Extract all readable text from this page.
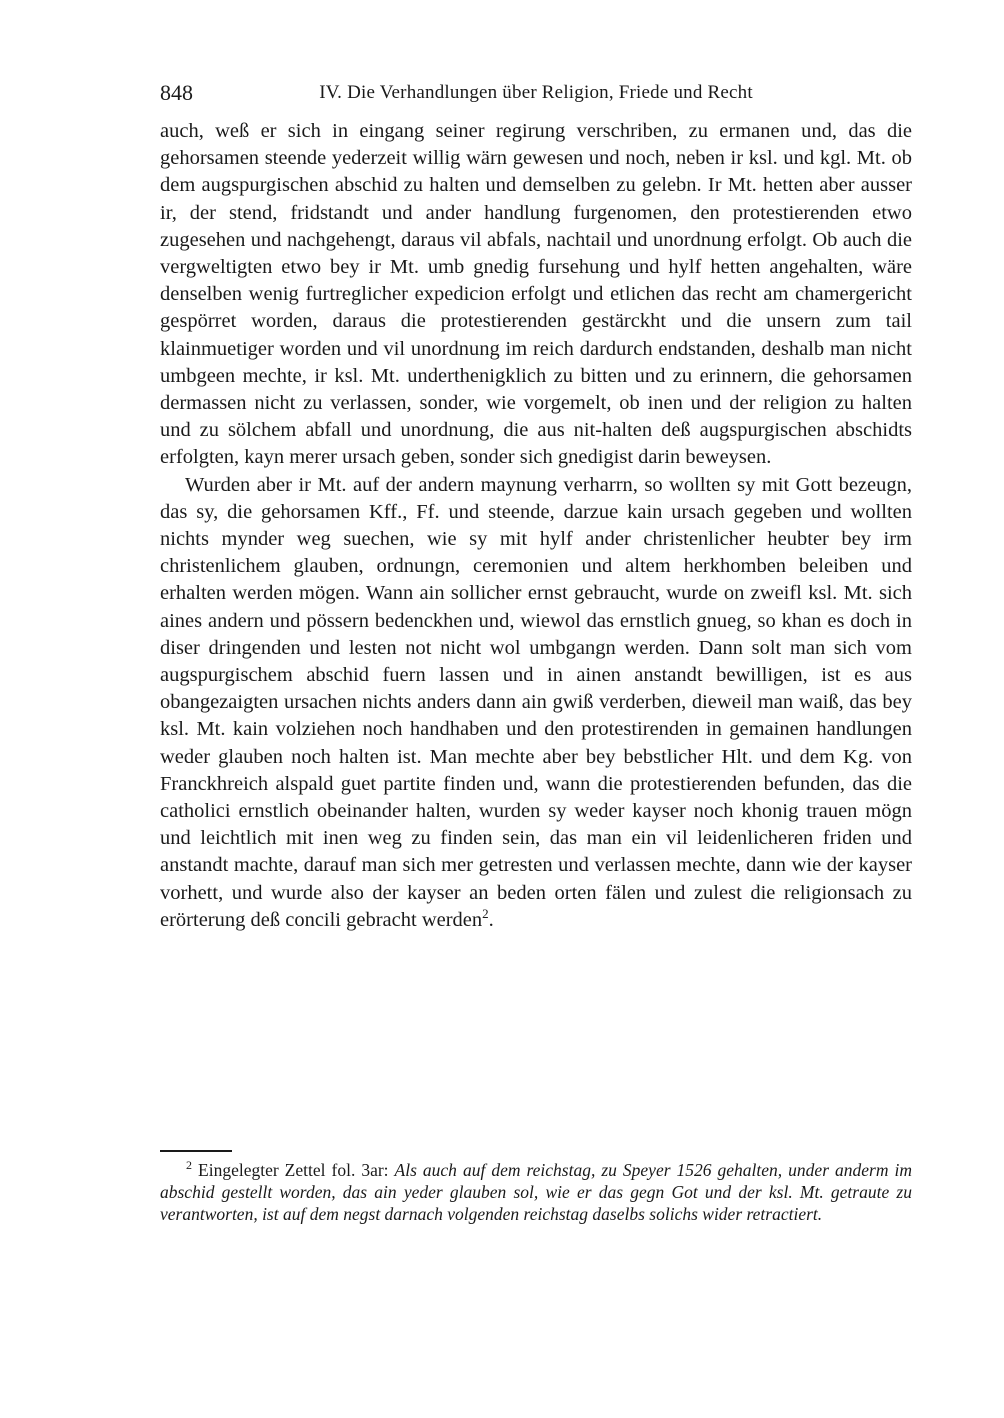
848	IV. Die Verhandlungen über Religion, Friede und Recht

auch, weß er sich in eingang seiner regirung verschriben, zu ermanen und, das die gehorsamen steende yederzeit willig wärn gewesen und noch, neben ir ksl. und kgl. Mt. ob dem augspurgischen abschid zu halten und demselben zu gelebn. Ir Mt. hetten aber ausser ir, der stend, fridstandt und ander handlung furgenomen, den protestierenden etwo zugesehen und nachgehengt, daraus vil abfals, nachtail und unordnung erfolgt. Ob auch die vergweltigten etwo bey ir Mt. umb gnedig fursehung und hylf hetten angehalten, wäre denselben wenig furtreglicher expedicion erfolgt und etlichen das recht am chamergericht gespörret worden, daraus die protestierenden gestärckht und die unsern zum tail klainmuetiger worden und vil unordnung im reich dardurch endstanden, deshalb man nicht umbgeen mechte, ir ksl. Mt. underthenigklich zu bitten und zu erinnern, die gehorsamen dermassen nicht zu verlassen, sonder, wie vorgemelt, ob inen und der religion zu halten und zu sölchem abfall und unordnung, die aus nit-halten deß augspurgischen abschidts erfolgten, kayn merer ursach geben, sonder sich gnedigist darin beweysen.

Wurden aber ir Mt. auf der andern maynung verharrn, so wollten sy mit Gott bezeugn, das sy, die gehorsamen Kff., Ff. und steende, darzue kain ursach gegeben und wollten nichts mynder weg suechen, wie sy mit hylf ander christenlicher heubter bey irm christenlichem glauben, ordnungn, ceremonien und altem herkhomben beleiben und erhalten werden mögen. Wann ain sollicher ernst gebraucht, wurde on zweifl ksl. Mt. sich aines andern und pössern bedenckhen und, wiewol das ernstlich gnueg, so khan es doch in diser dringenden und lesten not nicht wol umbgangn werden. Dann solt man sich vom augspurgischem abschid fuern lassen und in ainen anstandt bewilligen, ist es aus obangezaigten ursachen nichts anders dann ain gwiß verderben, dieweil man waiß, das bey ksl. Mt. kain volziehen noch handhaben und den protestirenden in gemainen handlungen weder glauben noch halten ist. Man mechte aber bey bebstlicher Hlt. und dem Kg. von Franckhreich alspald guet partite finden und, wann die protestierenden befunden, das die catholici ernstlich obeinander halten, wurden sy weder kayser noch khonig trauen mögn und leichtlich mit inen weg zu finden sein, das man ein vil leidenlicheren friden und anstandt machte, darauf man sich mer getresten und verlassen mechte, dann wie der kayser vorhett, und wurde also der kayser an beden orten fälen und zulest die religionsach zu erörterung deß concili gebracht werden$^2$.

$^2$ Eingelegter Zettel fol. 3ar: Als auch auf dem reichstag, zu Speyer 1526 gehalten, under anderm im abschid gestellt worden, das ain yeder glauben sol, wie er das gegn Got und der ksl. Mt. getraute zu verantworten, ist auf dem negst darnach volgenden reichstag daselbs solichs wider retractiert.
